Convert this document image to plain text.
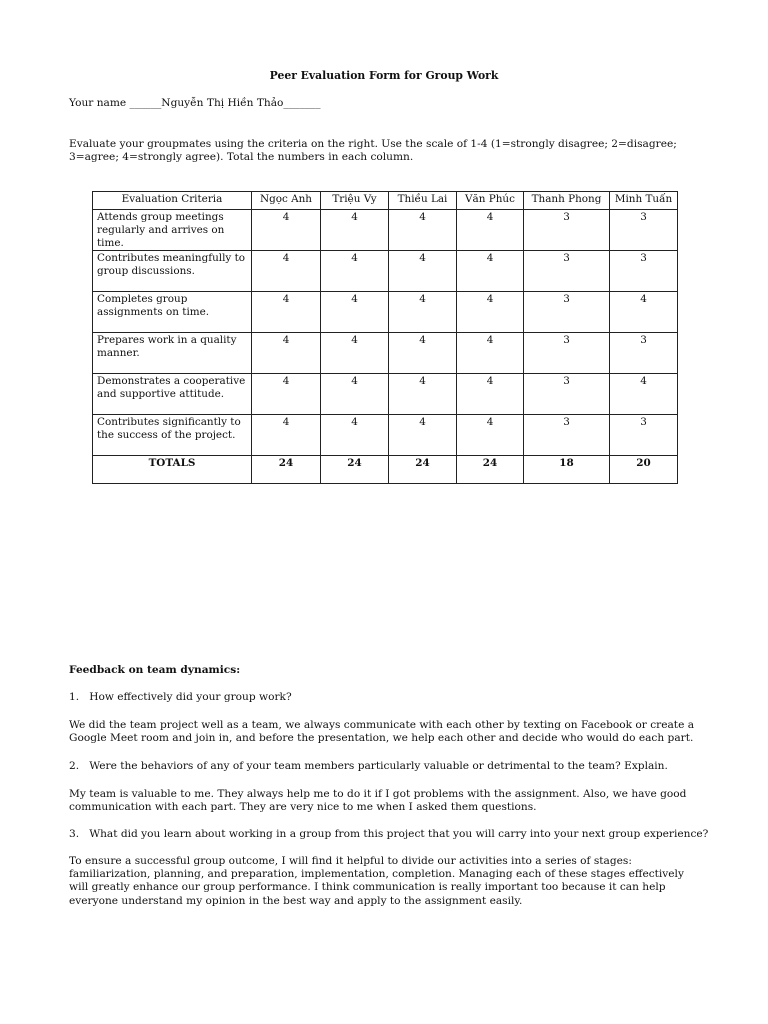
Peer Evaluation Form for Group Work
Your name ______Nguyễn Thị Hiền Thảo_______
Evaluate your groupmates using the criteria on the right. Use the scale of 1-4 (1=strongly disagree; 2=disagree; 3=agree; 4=strongly agree). Total the numbers in each column.
Evaluation Criteria	Ngọc Anh	Triệu Vy	Thiều Lai	Văn Phúc	Thanh Phong	Minh Tuấn
Attends group meetings regularly and arrives on time.	4	4	4	4	3	3
Contributes meaningfully to group discussions.	4	4	4	4	3	3
Completes group assignments on time.	4	4	4	4	3	4
Prepares work in a quality manner.	4	4	4	4	3	3
Demonstrates a cooperative and supportive attitude.	4	4	4	4	3	4
Contributes significantly to the success of the project.	4	4	4	4	3	3
TOTALS	24	24	24	24	18	20
Feedback on team dynamics:
1.   How effectively did your group work?
We did the team project well as a team, we always communicate with each other by texting on Facebook or create a Google Meet room and join in, and before the presentation, we help each other and decide who would do each part.
2.   Were the behaviors of any of your team members particularly valuable or detrimental to the team? Explain.
My team is valuable to me. They always help me to do it if I got problems with the assignment. Also, we have good communication with each part. They are very nice to me when I asked them questions.
3.   What did you learn about working in a group from this project that you will carry into your next group experience?
To ensure a successful group outcome, I will find it helpful to divide our activities into a series of stages: familiarization, planning, and preparation, implementation, completion. Managing each of these stages effectively will greatly enhance our group performance. I think communication is really important too because it can help everyone understand my opinion in the best way and apply to the assignment easily.
